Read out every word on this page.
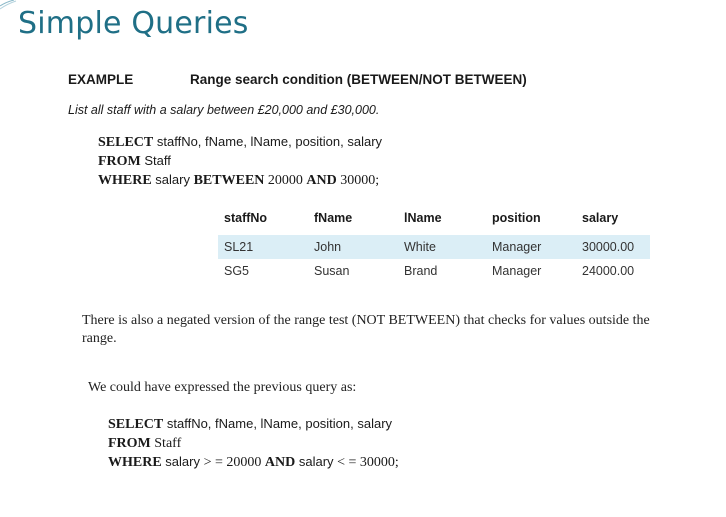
Simple Queries
EXAMPLE	Range search condition (BETWEEN/NOT BETWEEN)
List all staff with a salary between £20,000 and £30,000.
SELECT staffNo, fName, lName, position, salary
FROM Staff
WHERE salary BETWEEN 20000 AND 30000;
staffNo	fName	lName	position	salary
SL21	John	White	Manager	30000.00
SG5	Susan	Brand	Manager	24000.00
There is also a negated version of the range test (NOT BETWEEN) that checks for values outside the range.
We could have expressed the previous query as:
SELECT staffNo, fName, lName, position, salary
FROM Staff
WHERE salary > = 20000 AND salary < = 30000;
